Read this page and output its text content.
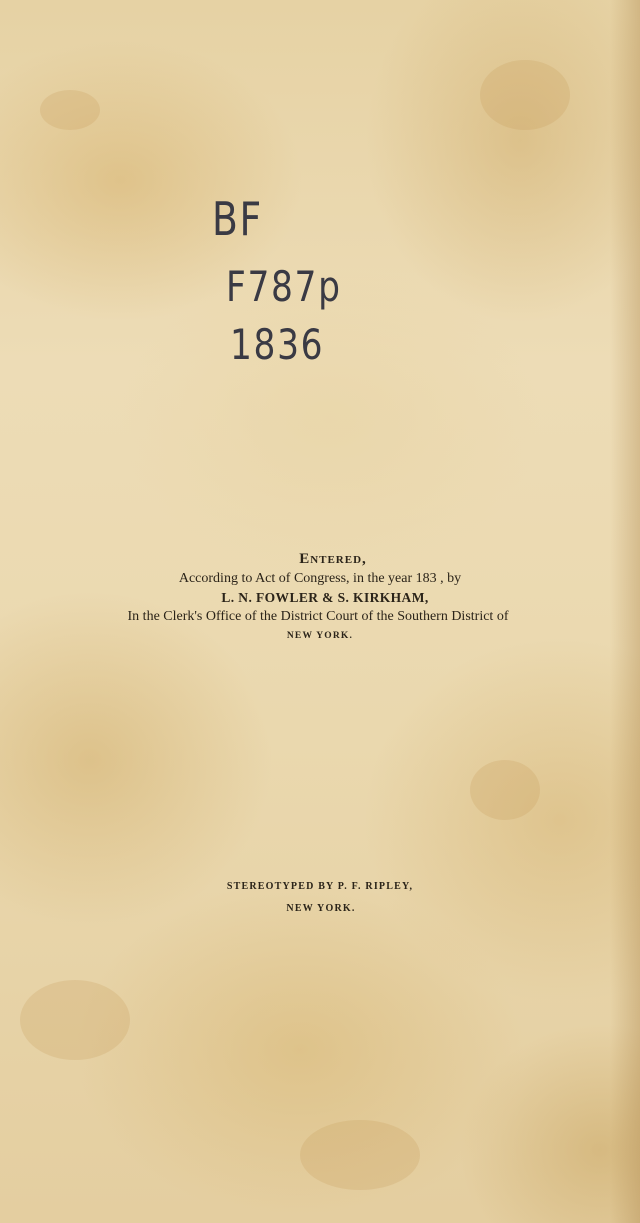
BF
F787p
1836
Entered,
According to Act of Congress, in the year 183 , by
L. N. FOWLER & S. KIRKHAM,
In the Clerk's Office of the District Court of the Southern District of
NEW YORK.
STEREOTYPED BY P. F. RIPLEY,
NEW YORK.
